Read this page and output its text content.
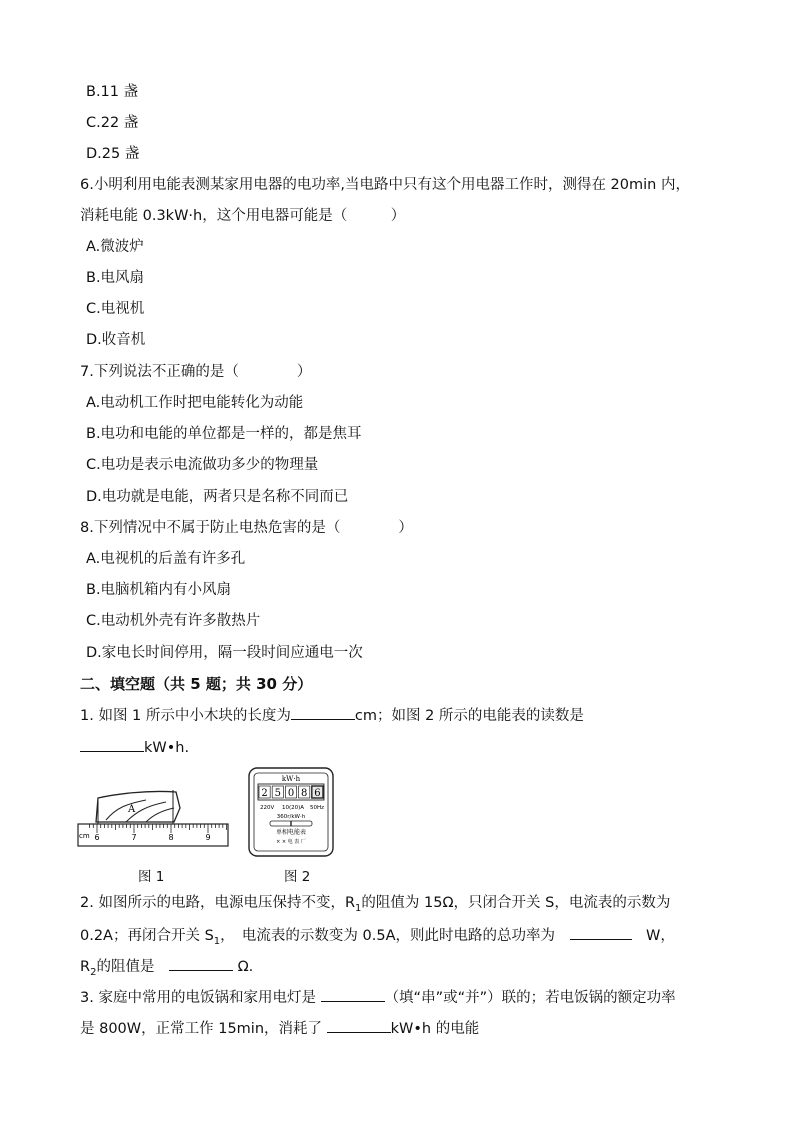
B.11 盏
C.22 盏
D.25 盏
6.小明利用电能表测某家用电器的电功率,当电路中只有这个用电器工作时，测得在 20min 内，
消耗电能 0.3kW·h，这个用电器可能是（　　　）
A.微波炉
B.电风扇
C.电视机
D.收音机
7.下列说法不正确的是（　　　　）
A.电动机工作时把电能转化为动能
B.电功和电能的单位都是一样的，都是焦耳
C.电功是表示电流做功多少的物理量
D.电功就是电能，两者只是名称不同而已
8.下列情况中不属于防止电热危害的是（　　　　）
A.电视机的后盖有许多孔
B.电脑机箱内有小风扇
C.电动机外壳有许多散热片
D.家电长时间停用，隔一段时间应通电一次
二、填空题（共 5 题；共 30 分）
1. 如图 1 所示中小木块的长度为	cm；如图 2 所示的电能表的读数是
kW•h.
A
cm 6	7	8	9
图 1
kW·h
2 5 0 8 6
220V 10(20)A 50Hz
360r/kW·h
单相电能表
× × 电 表 厂
图 2
2. 如图所示的电路，电源电压保持不变，$R_1$的阻值为 15Ω，只闭合开关 S，电流表的示数为
0.2A；再闭合开关 $S_1$，　电流表的示数变为 0.5A，则此时电路的总功率为　　	W，
$R_2$的阻值是　	Ω.
3. 家庭中常用的电饭锅和家用电灯是	（填“串”或“并”）联的；若电饭锅的额定功率
是 800W，正常工作 15min，消耗了	kW•h 的电能
